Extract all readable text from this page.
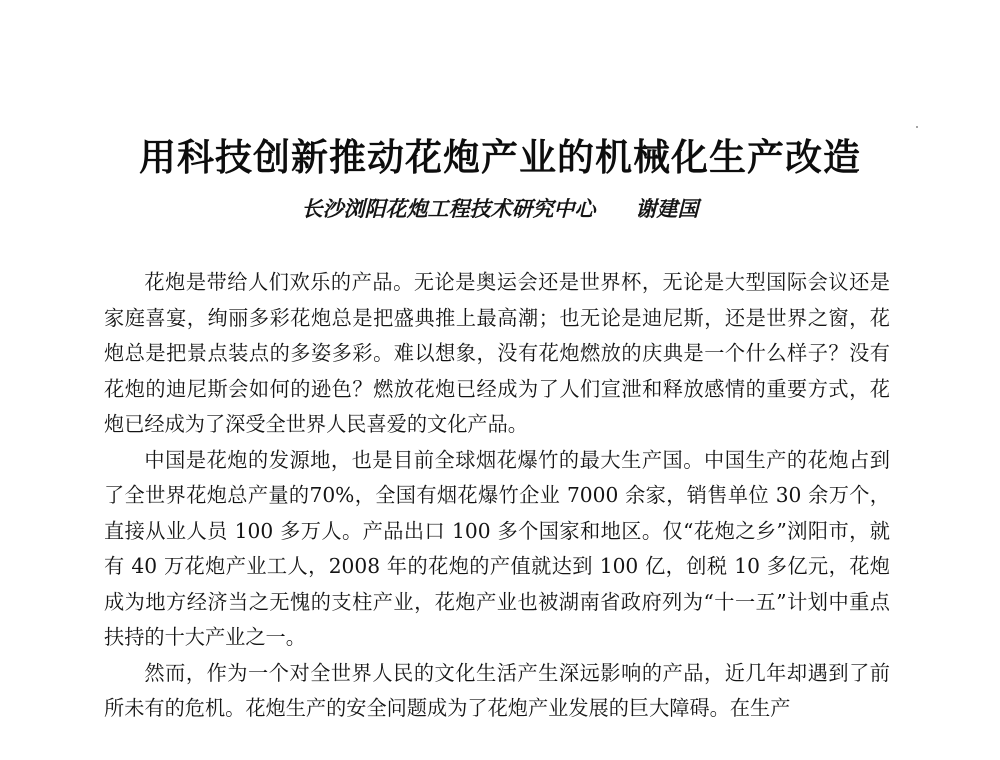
用科技创新推动花炮产业的机械化生产改造
长沙浏阳花炮工程技术研究中心 谢建国

花炮是带给人们欢乐的产品。无论是奥运会还是世界杯，无论是大型国际会议还是家庭喜宴，绚丽多彩花炮总是把盛典推上最高潮；也无论是迪尼斯，还是世界之窗，花炮总是把景点装点的多姿多彩。难以想象，没有花炮燃放的庆典是一个什么样子？没有花炮的迪尼斯会如何的逊色？燃放花炮已经成为了人们宣泄和释放感情的重要方式，花炮已经成为了深受全世界人民喜爱的文化产品。

中国是花炮的发源地，也是目前全球烟花爆竹的最大生产国。中国生产的花炮占到了全世界花炮总产量的70%，全国有烟花爆竹企业 7000 余家，销售单位 30 余万个，直接从业人员 100 多万人。产品出口 100 多个国家和地区。仅“花炮之乡”浏阳市，就有 40 万花炮产业工人，2008 年的花炮的产值就达到 100 亿，创税 10 多亿元，花炮成为地方经济当之无愧的支柱产业，花炮产业也被湖南省政府列为“十一五”计划中重点扶持的十大产业之一。

然而，作为一个对全世界人民的文化生活产生深远影响的产品，近几年却遇到了前所未有的危机。花炮生产的安全问题成为了花炮产业发展的巨大障碍。在生产
